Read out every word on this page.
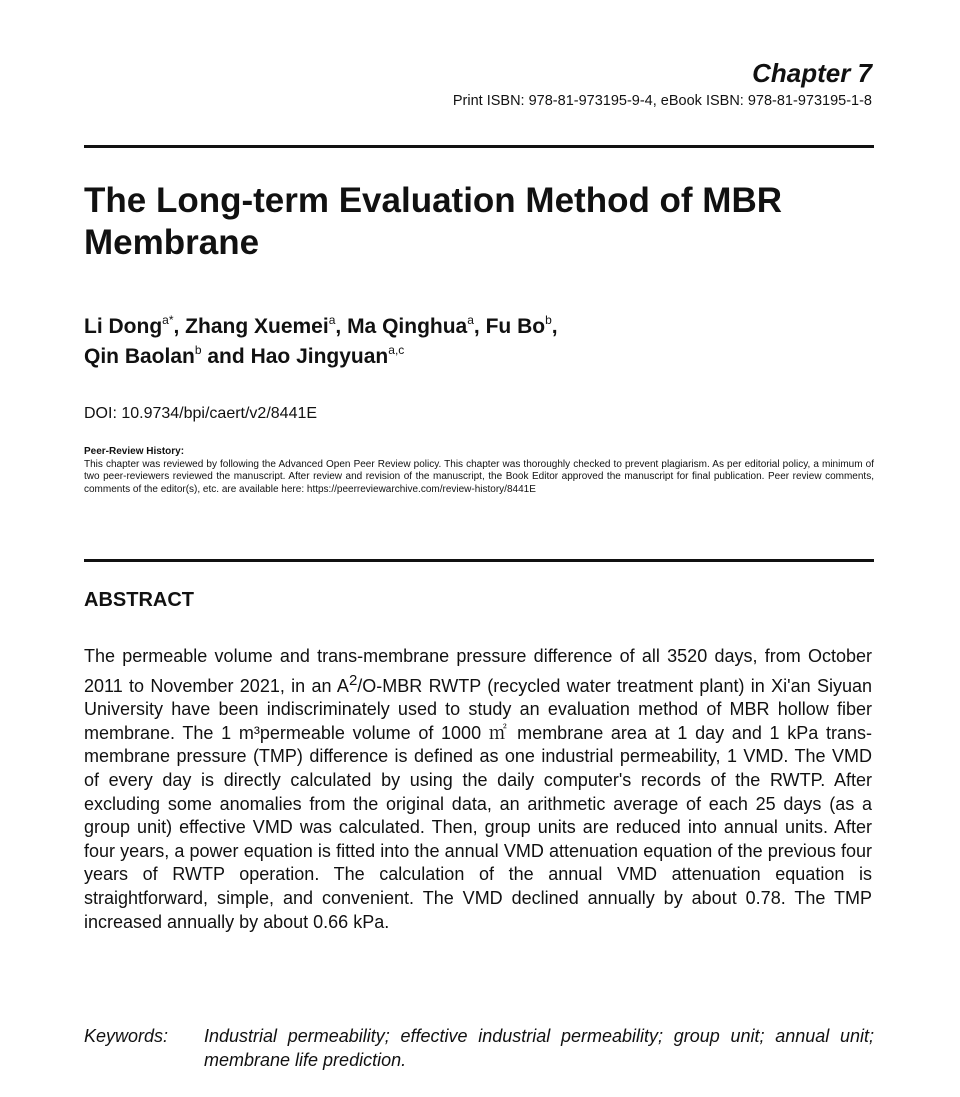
Chapter 7
Print ISBN: 978-81-973195-9-4, eBook ISBN: 978-81-973195-1-8
The Long-term Evaluation Method of MBR Membrane
Li Dong$^{a*}$, Zhang Xuemei$^a$, Ma Qinghua$^a$, Fu Bo$^b$,
Qin Baolan$^b$ and Hao Jingyuan$^{a,c}$
DOI: 10.9734/bpi/caert/v2/8441E
Peer-Review History:
This chapter was reviewed by following the Advanced Open Peer Review policy. This chapter was thoroughly checked to prevent plagiarism. As per editorial policy, a minimum of two peer-reviewers reviewed the manuscript. After review and revision of the manuscript, the Book Editor approved the manuscript for final publication. Peer review comments, comments of the editor(s), etc. are available here: https://peerreviewarchive.com/review-history/8441E
ABSTRACT

The permeable volume and trans-membrane pressure difference of all 3520 days, from October 2011 to November 2021, in an $A^2/O$-MBR RWTP (recycled water treatment plant) in Xi'an Siyuan University have been indiscriminately used to study an evaluation method of MBR hollow fiber membrane. The 1 m³permeable volume of 1000 ㎡ membrane area at 1 day and 1 kPa trans-membrane pressure (TMP) difference is defined as one industrial permeability, 1 VMD. The VMD of every day is directly calculated by using the daily computer's records of the RWTP. After excluding some anomalies from the original data, an arithmetic average of each 25 days (as a group unit) effective VMD was calculated. Then, group units are reduced into annual units. After four years, a power equation is fitted into the annual VMD attenuation equation of the previous four years of RWTP operation. The calculation of the annual VMD attenuation equation is straightforward, simple, and convenient. The VMD declined annually by about 0.78. The TMP increased annually by about 0.66 kPa.

Keywords:	Industrial permeability; effective industrial permeability; group unit; annual unit; membrane life prediction.
